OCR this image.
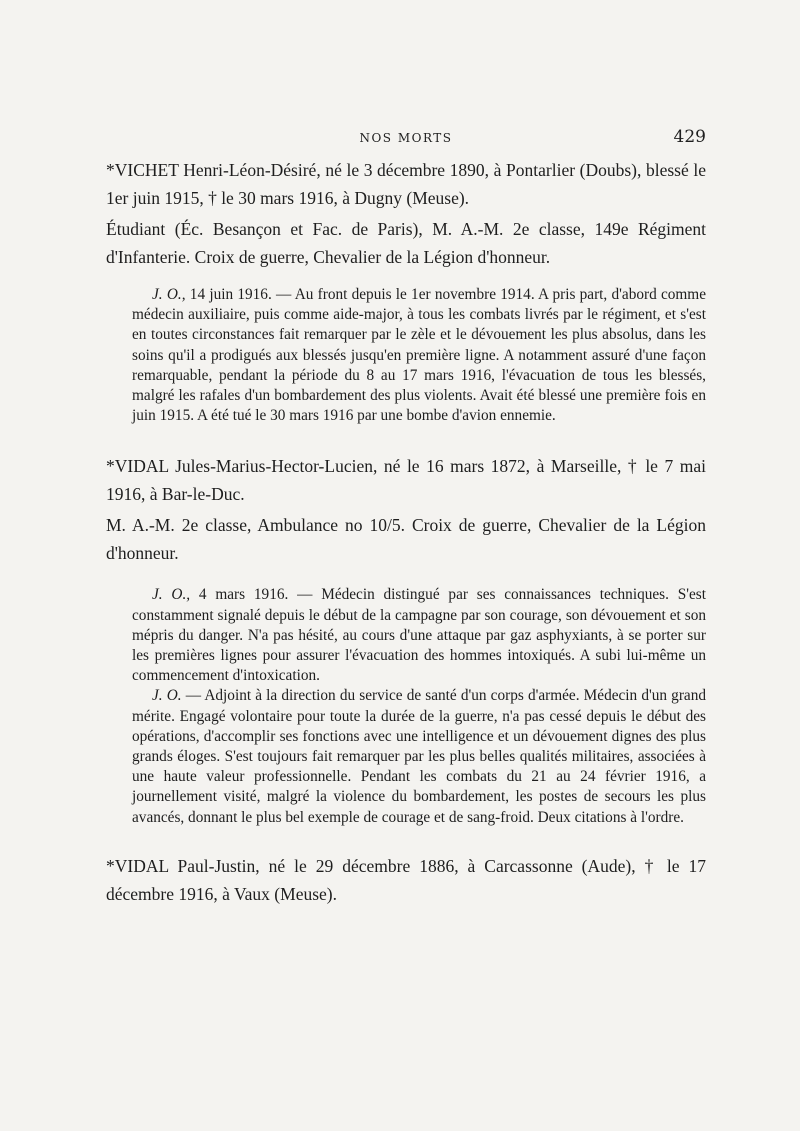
NOS MORTS	429

*VICHET Henri-Léon-Désiré, né le 3 décembre 1890, à Pontarlier (Doubs), blessé le 1er juin 1915, † le 30 mars 1916, à Dugny (Meuse).

Étudiant (Éc. Besançon et Fac. de Paris), M. A.-M. 2e classe, 149e Régiment d'Infanterie. Croix de guerre, Chevalier de la Légion d'honneur.

J. O., 14 juin 1916. — Au front depuis le 1er novembre 1914. A pris part, d'abord comme médecin auxiliaire, puis comme aide-major, à tous les combats livrés par le régiment, et s'est en toutes circonstances fait remarquer par le zèle et le dévouement les plus absolus, dans les soins qu'il a prodigués aux blessés jusqu'en première ligne. A notamment assuré d'une façon remarquable, pendant la période du 8 au 17 mars 1916, l'évacuation de tous les blessés, malgré les rafales d'un bombardement des plus violents. Avait été blessé une première fois en juin 1915. A été tué le 30 mars 1916 par une bombe d'avion ennemie.

*VIDAL Jules-Marius-Hector-Lucien, né le 16 mars 1872, à Marseille, † le 7 mai 1916, à Bar-le-Duc.

M. A.-M. 2e classe, Ambulance no 10/5. Croix de guerre, Chevalier de la Légion d'honneur.

J. O., 4 mars 1916. — Médecin distingué par ses connaissances techniques. S'est constamment signalé depuis le début de la campagne par son courage, son dévouement et son mépris du danger. N'a pas hésité, au cours d'une attaque par gaz asphyxiants, à se porter sur les premières lignes pour assurer l'évacuation des hommes intoxiqués. A subi lui-même un commencement d'intoxication.

J. O. — Adjoint à la direction du service de santé d'un corps d'armée. Médecin d'un grand mérite. Engagé volontaire pour toute la durée de la guerre, n'a pas cessé depuis le début des opérations, d'accomplir ses fonctions avec une intelligence et un dévouement dignes des plus grands éloges. S'est toujours fait remarquer par les plus belles qualités militaires, associées à une haute valeur professionnelle. Pendant les combats du 21 au 24 février 1916, a journellement visité, malgré la violence du bombardement, les postes de secours les plus avancés, donnant le plus bel exemple de courage et de sang-froid. Deux citations à l'ordre.

*VIDAL Paul-Justin, né le 29 décembre 1886, à Carcassonne (Aude), † le 17 décembre 1916, à Vaux (Meuse).
